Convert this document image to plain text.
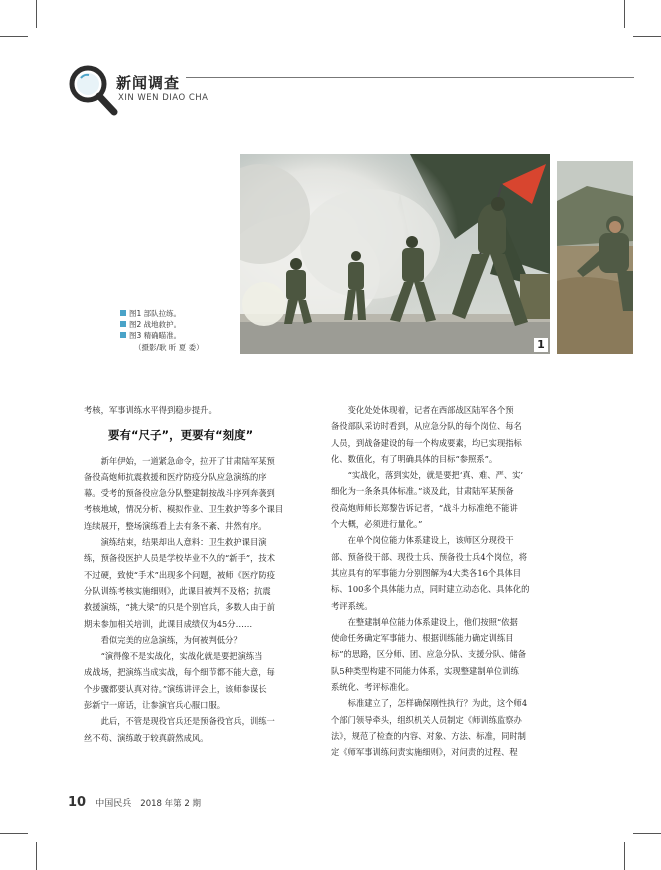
新闻调查
XIN WEN DIAO CHA
1
图1 部队拉练。
图2 战地救护。
图3 精确瞄准。
（摄影/耿 昕 夏 委）

考核，军事训练水平得到稳步提升。

要有“尺子”，更要有“刻度”

新年伊始，一道紧急命令，拉开了甘肃陆军某预

备役高炮师抗震救援和医疗防疫分队应急演练的序

幕。受考的预备役应急分队整建制按战斗序列奔袭到

考核地域，情况分析、模拟作业、卫生救护等多个课目

连续展开，整场演练看上去有条不紊、井然有序。

演练结束，结果却出人意料：卫生救护课目演

练，预备役医护人员是学校毕业不久的“新手”，技术

不过硬，致使“手术”出现多个问题，被师《医疗防疫

分队训练考核实施细则》，此课目被判不及格；抗震

救援演练，“挑大梁”的只是个别官兵，多数人由于前

期未参加相关培训，此课目成绩仅为45分……

看似完美的应急演练，为何被判低分？

“演得像不是实战化，实战化就是要把演练当

成战场，把演练当成实战，每个细节都不能大意，每

个步骤都要认真对待。”演练讲评会上，该师参谋长

彭新宁一席话，让参演官兵心服口服。

此后，不管是现役官兵还是预备役官兵，训练一

丝不苟、演练敢于较真蔚然成风。

变化处处体现着，记者在西部战区陆军各个预

备役部队采访时看到，从应急分队的每个岗位、每名

人员，到战备建设的每一个构成要素，均已实现指标

化、数值化，有了明确具体的目标“参照系”。

“实战化，落到实处，就是要把‘真、难、严、实’

细化为一条条具体标准。”谈及此，甘肃陆军某预备

役高炮师师长郑黎告诉记者，“战斗力标准绝不能讲

个大概，必须进行量化。”

在单个岗位能力体系建设上，该师区分现役干

部、预备役干部、现役士兵、预备役士兵4个岗位，将

其应具有的军事能力分别图解为4大类各16个具体目

标、100多个具体能力点，同时建立动态化、具体化的

考评系统。

在整建制单位能力体系建设上，他们按照“依据

使命任务确定军事能力、根据训练能力确定训练目

标”的思路，区分师、团、应急分队、支援分队、储备

队5种类型构建不同能力体系，实现整建制单位训练

系统化、考评标准化。

标准建立了，怎样确保刚性执行？为此，这个师4

个部门领导牵头，组织机关人员制定《师训练监察办

法》，规范了检查的内容、对象、方法、标准，同时制

定《师军事训练问责实施细则》，对问责的过程、程

10 中国民兵 2018 年第 2 期
